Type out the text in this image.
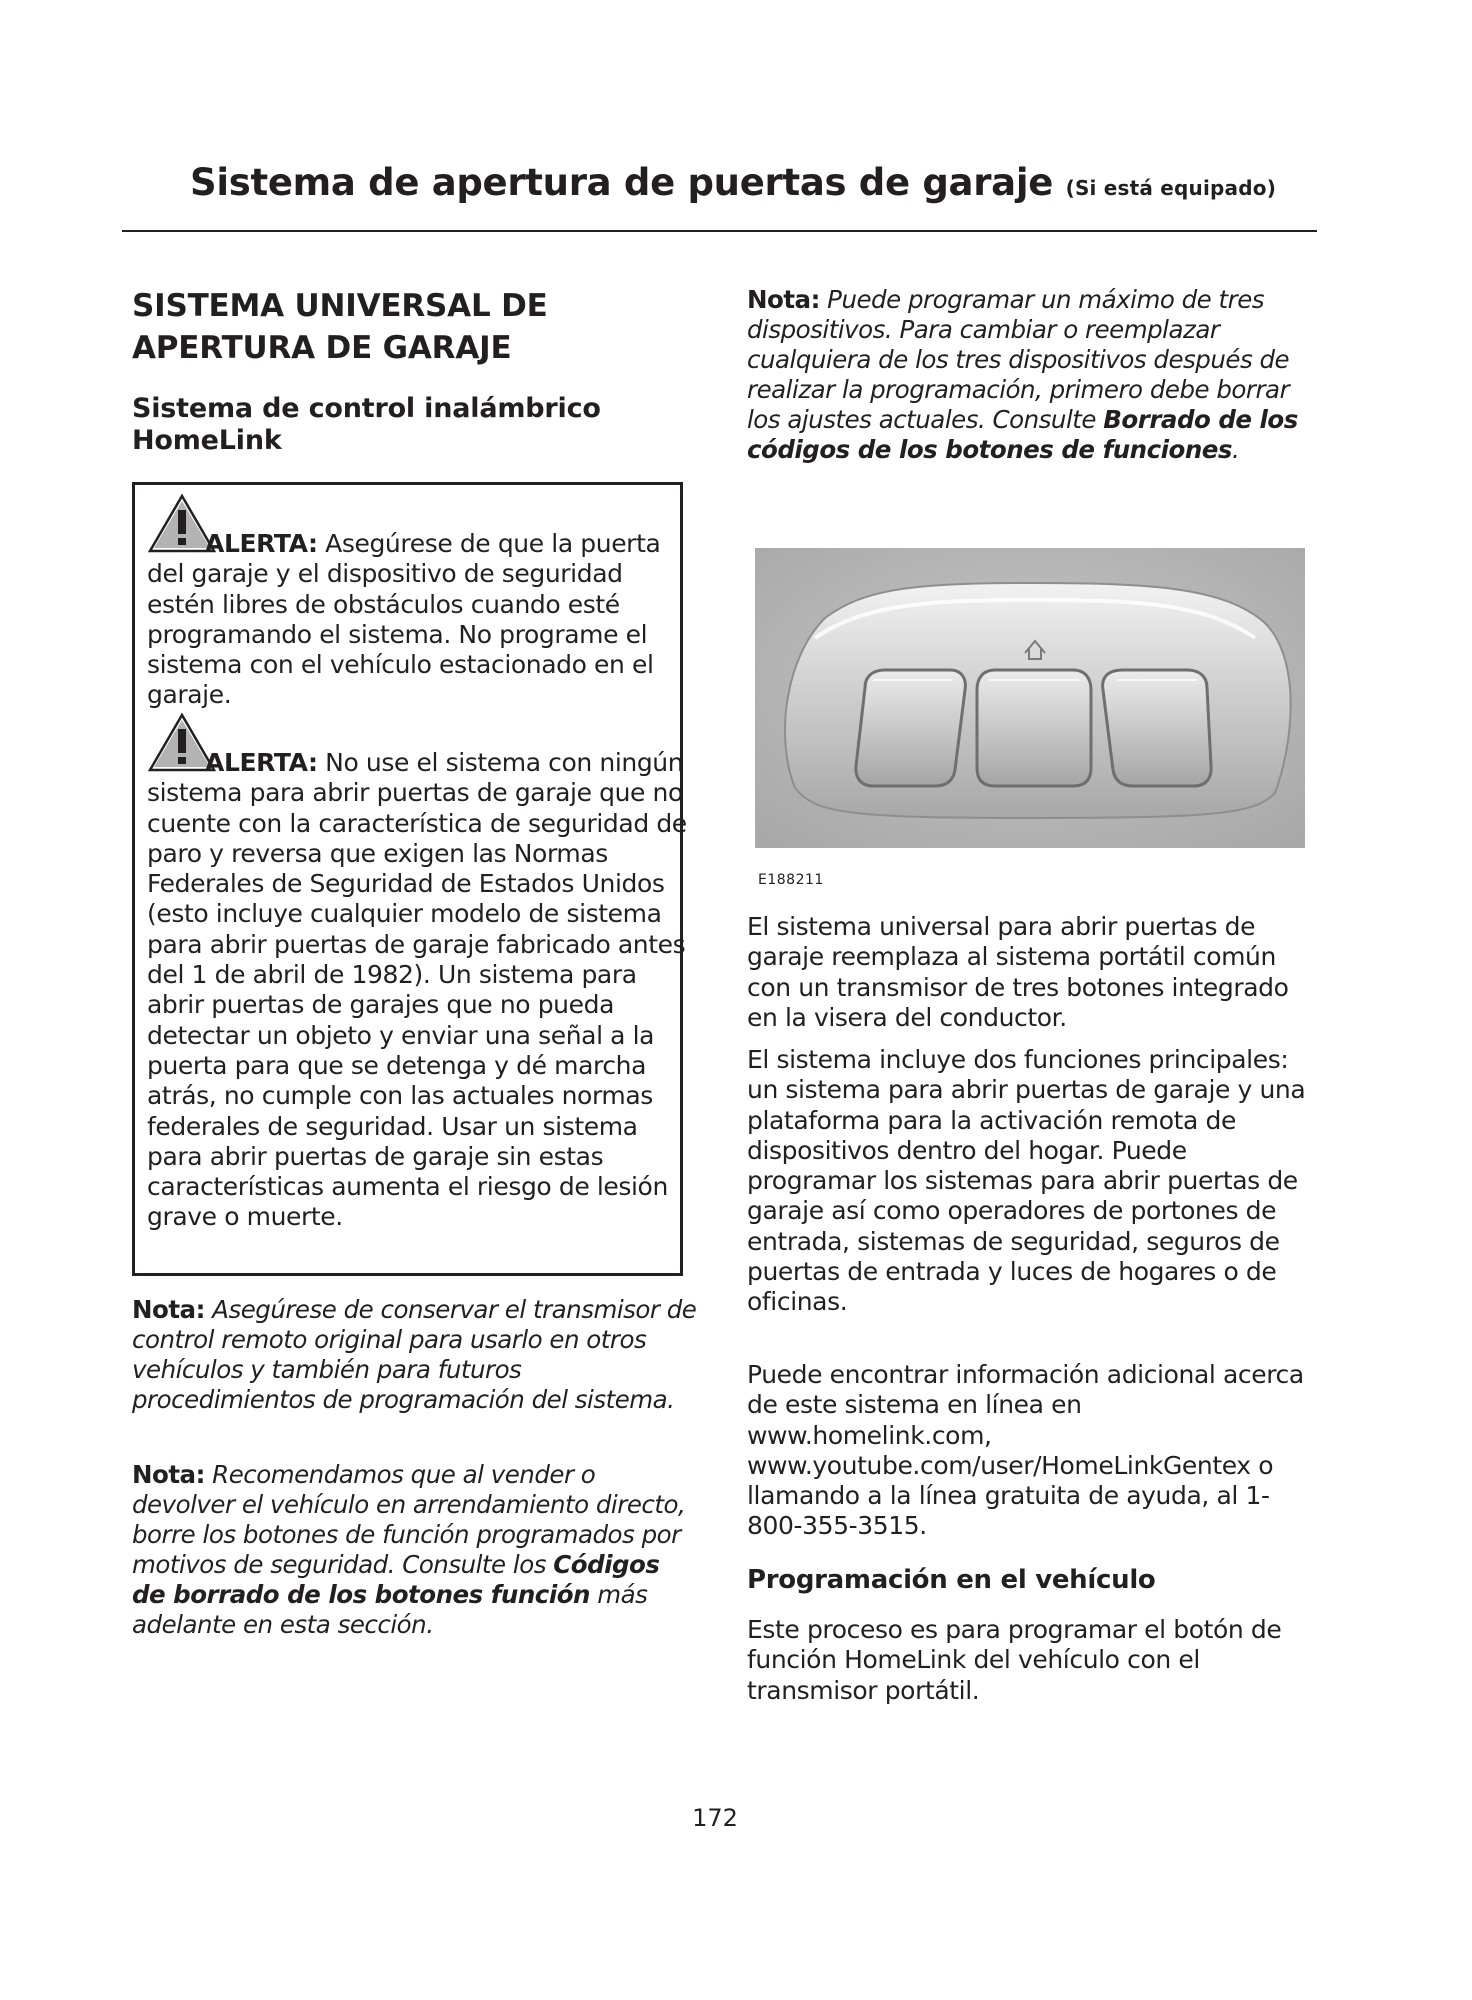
Sistema de apertura de puertas de garaje (Si está equipado)
SISTEMA UNIVERSAL DE APERTURA DE GARAJE
Sistema de control inalámbrico HomeLink

ALERTA: Asegúrese de que la puerta del garaje y el dispositivo de seguridad estén libres de obstáculos cuando esté programando el sistema. No programe el sistema con el vehículo estacionado en el garaje.

ALERTA: No use el sistema con ningún sistema para abrir puertas de garaje que no cuente con la característica de seguridad de paro y reversa que exigen las Normas Federales de Seguridad de Estados Unidos (esto incluye cualquier modelo de sistema para abrir puertas de garaje fabricado antes del 1 de abril de 1982). Un sistema para abrir puertas de garajes que no pueda detectar un objeto y enviar una señal a la puerta para que se detenga y dé marcha atrás, no cumple con las actuales normas federales de seguridad. Usar un sistema para abrir puertas de garaje sin estas características aumenta el riesgo de lesión grave o muerte.

Nota: Asegúrese de conservar el transmisor de control remoto original para usarlo en otros vehículos y también para futuros procedimientos de programación del sistema.

Nota: Recomendamos que al vender o devolver el vehículo en arrendamiento directo, borre los botones de función programados por motivos de seguridad. Consulte los Códigos de borrado de los botones función más adelante en esta sección.

Nota: Puede programar un máximo de tres dispositivos. Para cambiar o reemplazar cualquiera de los tres dispositivos después de realizar la programación, primero debe borrar los ajustes actuales. Consulte Borrado de los códigos de los botones de funciones.

E188211

El sistema universal para abrir puertas de garaje reemplaza al sistema portátil común con un transmisor de tres botones integrado en la visera del conductor.

El sistema incluye dos funciones principales: un sistema para abrir puertas de garaje y una plataforma para la activación remota de dispositivos dentro del hogar. Puede programar los sistemas para abrir puertas de garaje así como operadores de portones de entrada, sistemas de seguridad, seguros de puertas de entrada y luces de hogares o de oficinas.

Puede encontrar información adicional acerca de este sistema en línea en www.homelink.com, www.youtube.com/user/HomeLinkGentex o llamando a la línea gratuita de ayuda, al 1-800-355-3515.

Programación en el vehículo

Este proceso es para programar el botón de función HomeLink del vehículo con el transmisor portátil.

172
